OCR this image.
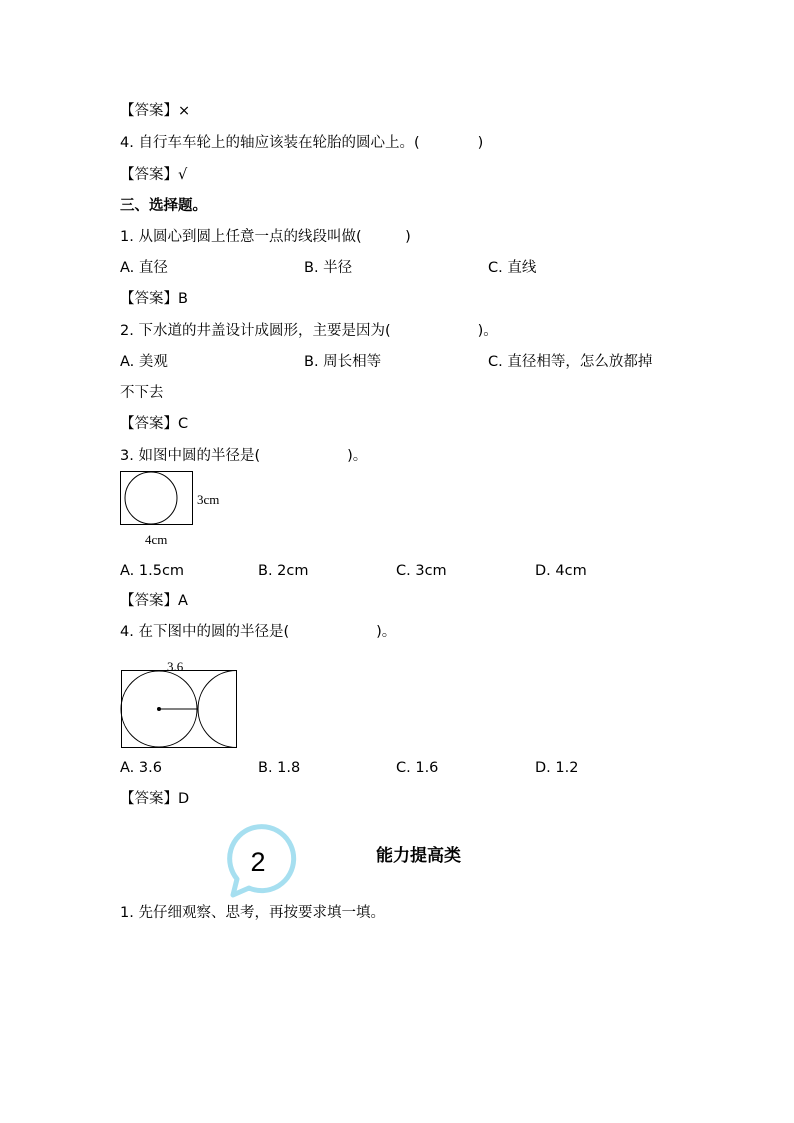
【答案】×
4. 自行车车轮上的轴应该装在轮胎的圆心上。(　　　　)
【答案】√
三、选择题。
1. 从圆心到圆上任意一点的线段叫做(　　　)
A. 直径	B. 半径	C. 直线
【答案】B
2. 下水道的井盖设计成圆形，主要是因为(　　　　　　)。
A. 美观	B. 周长相等	C. 直径相等，怎么放都掉
不下去
【答案】C
3. 如图中圆的半径是(　　　　　　)。
3cm
4cm
A. 1.5cm	B. 2cm	C. 3cm	D. 4cm
【答案】A
4. 在下图中的圆的半径是(　　　　　　)。
3.6
A. 3.6	B. 1.8	C. 1.6	D. 1.2
【答案】D
2	能力提高类
1. 先仔细观察、思考，再按要求填一填。
